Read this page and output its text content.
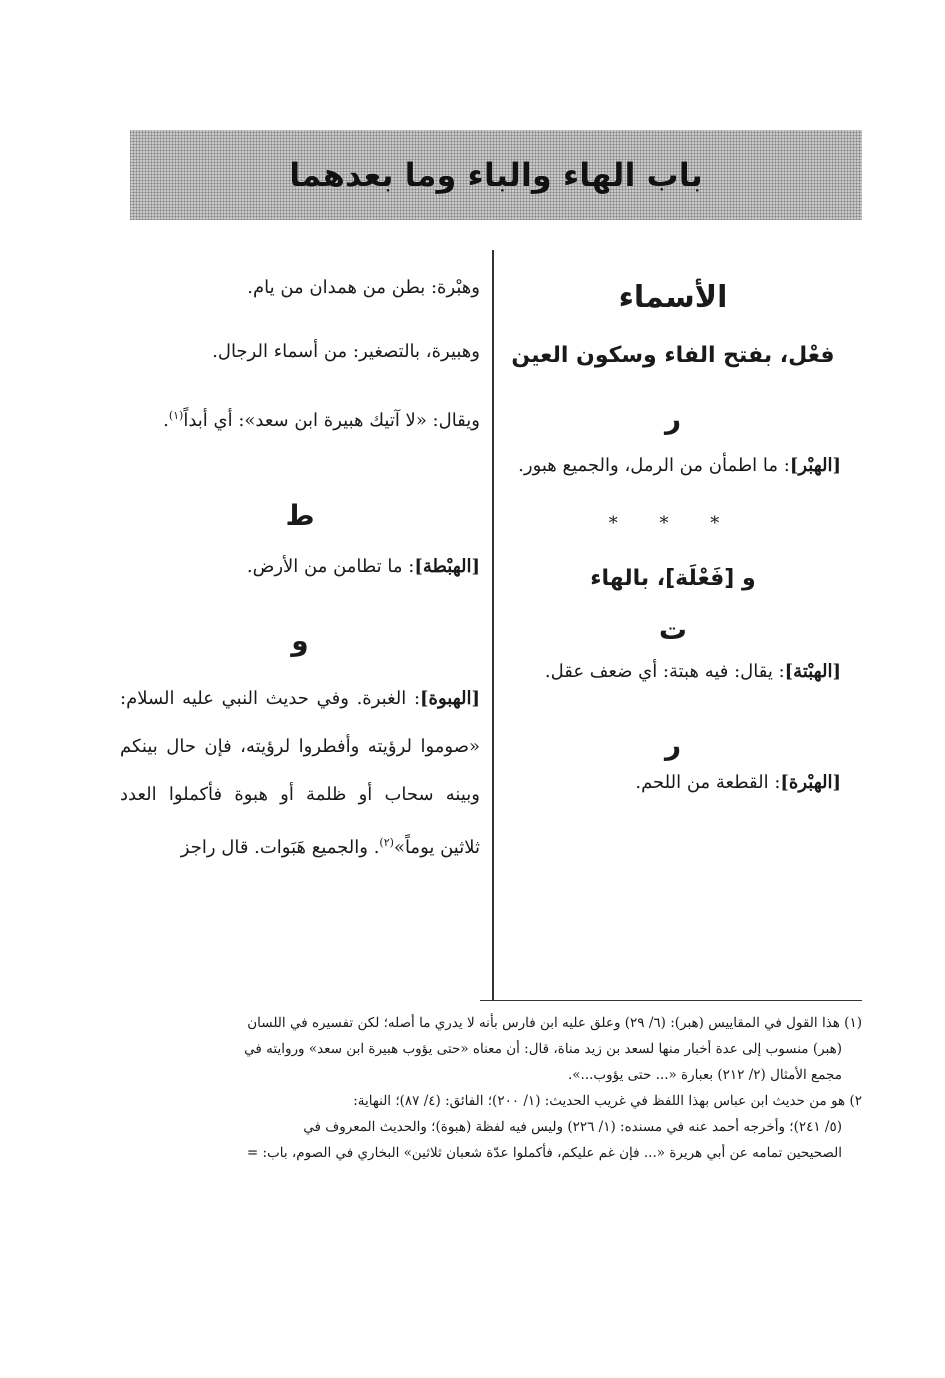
باب الهاء والباء وما بعدهما

الأسماء

فعْل، بفتح الفاء وسكون العين

ر

[الهبْر]: ما اطمأن من الرمل، والجميع هبور.

* * *

و [فَعْلَة]، بالهاء

ت

[الهبْتة]: يقال: فيه هبتة: أي ضعف عقل.

ر

[الهبْرة]: القطعة من اللحم.

وهبْرة: بطن من همدان من يام.

وهبيرة، بالتصغير: من أسماء الرجال.

ويقال: «لا آتيك هبيرة ابن سعد»: أي أبداً$^{(١)}$.

ط

[الهبْطة]: ما تطامن من الأرض.

و

[الهبوة]: الغبرة. وفي حديث النبي عليه السلام: «صوموا لرؤيته وأفطروا لرؤيته، فإن حال بينكم وبينه سحاب أو ظلمة أو هبوة فأكملوا العدد ثلاثين يوماً»$^{(٢)}$. والجميع هَبَوات. قال راجز

(١) هذا القول في المقاييس (هبر): (٦/ ٢٩) وعلق عليه ابن فارس بأنه لا يدري ما أصله؛ لكن تفسيره في اللسان

(هبر) منسوب إلى عدة أخبار منها لسعد بن زيد مناة، قال: أن معناه «حتى يؤوب هبيرة ابن سعد» وروايته في

مجمع الأمثال (٢/ ٢١٢) بعبارة «... حتى يؤوب...».

٢) هو من حديث ابن عباس بهذا اللفظ في غريب الحديث: (١/ ٢٠٠)؛ الفائق: (٤/ ٨٧)؛ النهاية:

(٥/ ٢٤١)؛ وأخرجه أحمد عنه في مسنده: (١/ ٢٢٦) وليس فيه لفظة (هبوة)؛ والحديث المعروف في

الصحيحين تمامه عن أبي هريرة «... فإن غم عليكم، فأكملوا عدّة شعبان ثلاثين» البخاري في الصوم، باب: =
